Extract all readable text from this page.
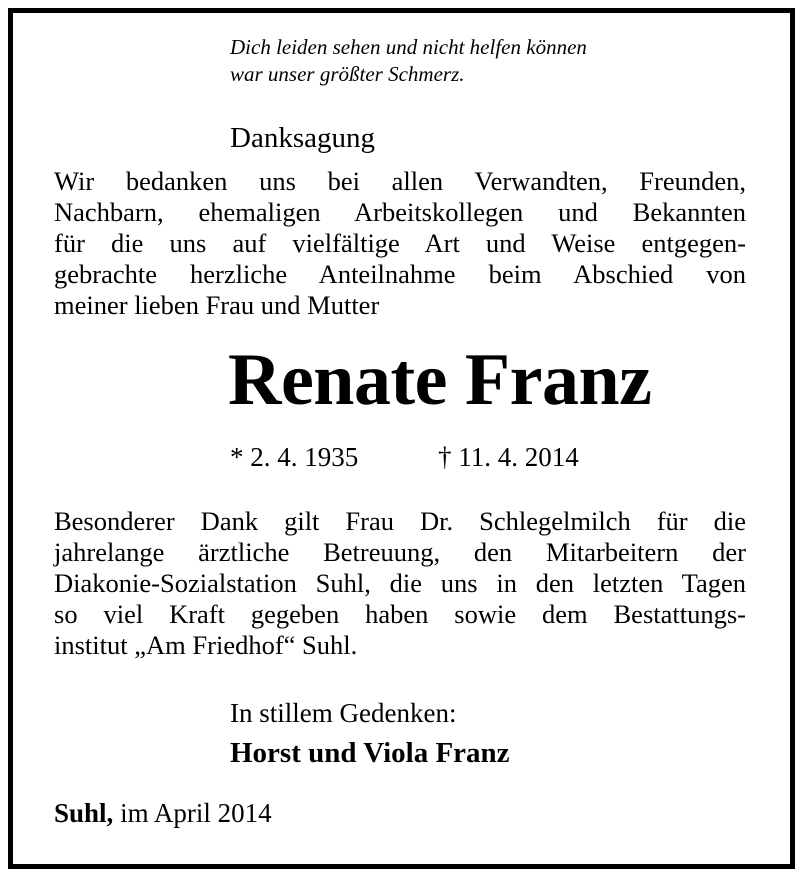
Dich leiden sehen und nicht helfen können
war unser größter Schmerz.
Danksagung
Wir bedanken uns bei allen Verwandten, Freunden,
Nachbarn, ehemaligen Arbeitskollegen und Bekannten
für die uns auf vielfältige Art und Weise entgegen-
gebrachte herzliche Anteilnahme beim Abschied von
meiner lieben Frau und Mutter
Renate Franz
* 2. 4. 1935	† 11. 4. 2014
Besonderer Dank gilt Frau Dr. Schlegelmilch für die
jahrelange ärztliche Betreuung, den Mitarbeitern der
Diakonie-Sozialstation Suhl, die uns in den letzten Tagen
so viel Kraft gegeben haben sowie dem Bestattungs-
institut „Am Friedhof“ Suhl.
In stillem Gedenken:
Horst und Viola Franz
Suhl, im April 2014
